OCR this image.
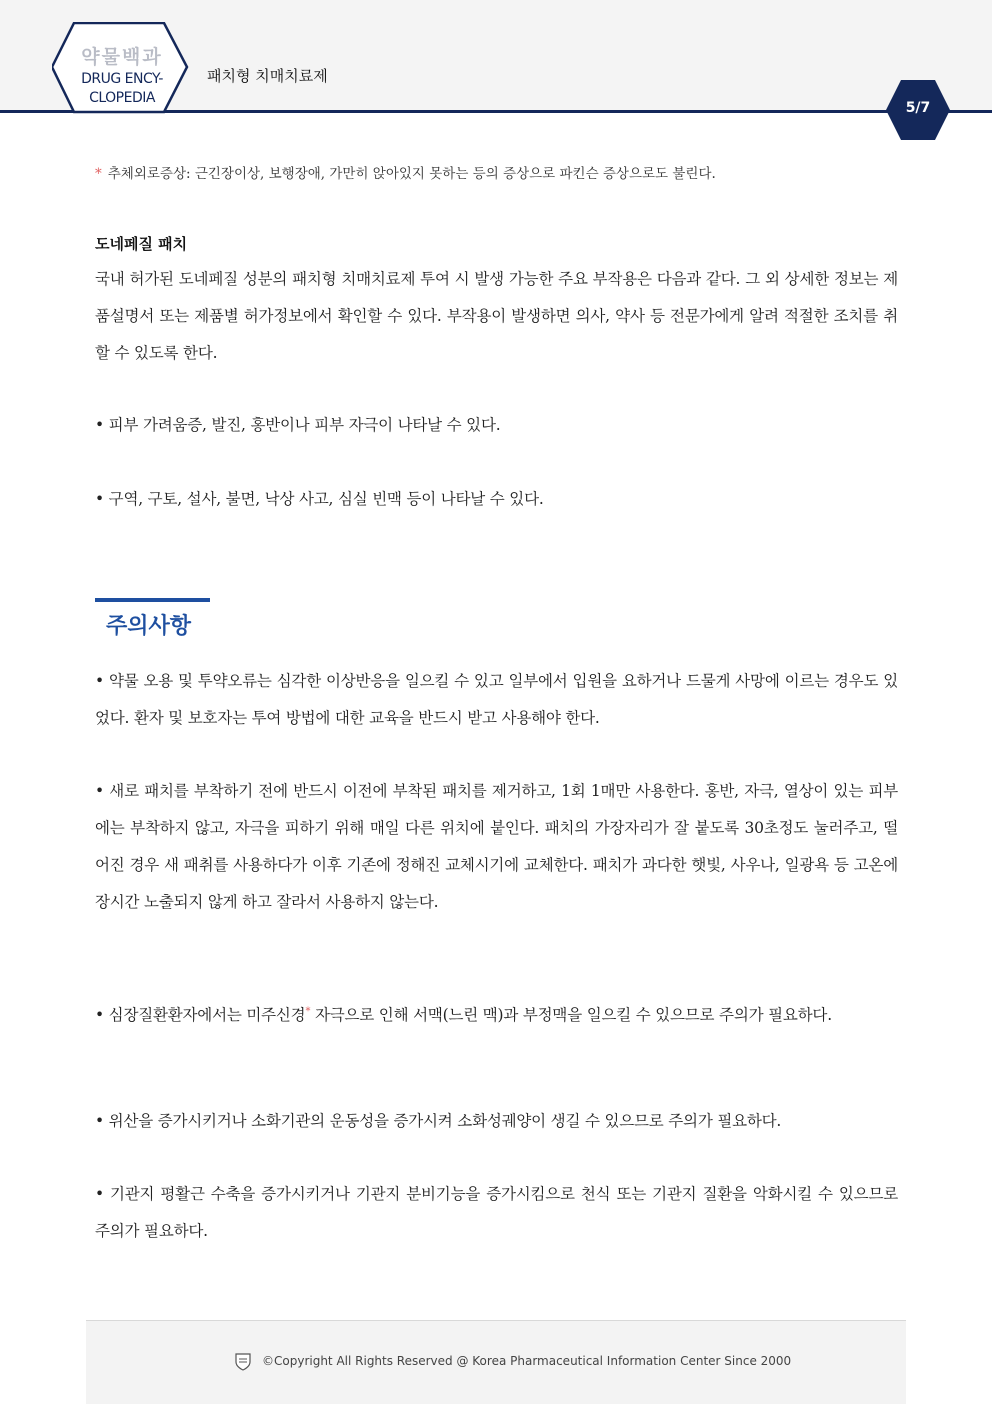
약물백과
DRUG ENCY-
CLOPEDIA
패치형 치매치료제
5/7
* 추체외로증상: 근긴장이상, 보행장애, 가만히 앉아있지 못하는 등의 증상으로 파킨슨 증상으로도 불린다.
도네페질 패치
국내 허가된 도네페질 성분의 패치형 치매치료제 투여 시 발생 가능한 주요 부작용은 다음과 같다. 그 외 상세한 정보는 제품설명서 또는 제품별 허가정보에서 확인할 수 있다. 부작용이 발생하면 의사, 약사 등 전문가에게 알려 적절한 조치를 취할 수 있도록 한다.
• 피부 가려움증, 발진, 홍반이나 피부 자극이 나타날 수 있다.
• 구역, 구토, 설사, 불면, 낙상 사고, 심실 빈맥 등이 나타날 수 있다.
주의사항
• 약물 오용 및 투약오류는 심각한 이상반응을 일으킬 수 있고 일부에서 입원을 요하거나 드물게 사망에 이르는 경우도 있었다. 환자 및 보호자는 투여 방법에 대한 교육을 반드시 받고 사용해야 한다.
• 새로 패치를 부착하기 전에 반드시 이전에 부착된 패치를 제거하고, 1회 1매만 사용한다. 홍반, 자극, 열상이 있는 피부에는 부착하지 않고, 자극을 피하기 위해 매일 다른 위치에 붙인다. 패치의 가장자리가 잘 붙도록 30초정도 눌러주고, 떨어진 경우 새 패취를 사용하다가 이후 기존에 정해진 교체시기에 교체한다. 패치가 과다한 햇빛, 사우나, 일광욕 등 고온에 장시간 노출되지 않게 하고 잘라서 사용하지 않는다.
• 심장질환환자에서는 미주신경* 자극으로 인해 서맥(느린 맥)과 부정맥을 일으킬 수 있으므로 주의가 필요하다.
• 위산을 증가시키거나 소화기관의 운동성을 증가시켜 소화성궤양이 생길 수 있으므로 주의가 필요하다.
• 기관지 평활근 수축을 증가시키거나 기관지 분비기능을 증가시킴으로 천식 또는 기관지 질환을 악화시킬 수 있으므로 주의가 필요하다.
©Copyright All Rights Reserved @ Korea Pharmaceutical Information Center Since 2000
